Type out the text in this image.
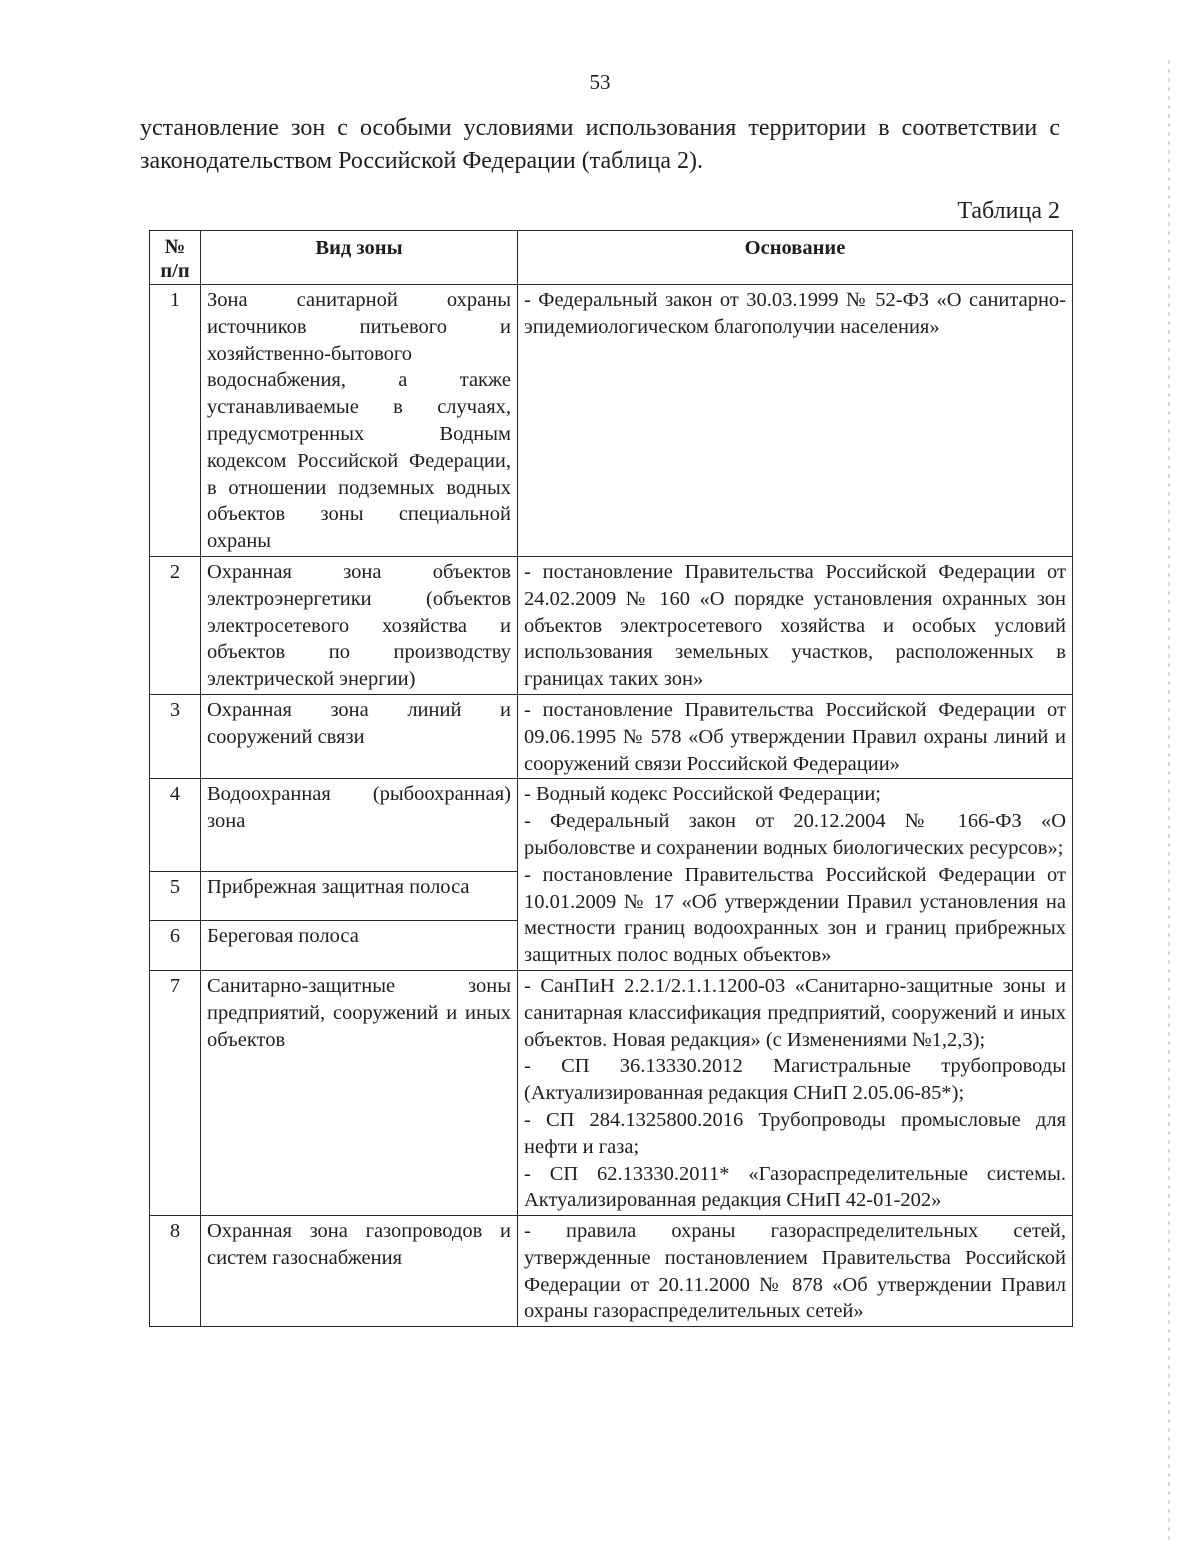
53
установление зон с особыми условиями использования территории в соответствии с законодательством Российской Федерации (таблица 2).
Таблица 2
№ п/п	Вид зоны	Основание
1	Зона санитарной охраны источников питьевого и хозяйственно-бытового водоснабжения, а также устанавливаемые в случаях, предусмотренных Водным кодексом Российской Федерации, в отношении подземных водных объектов зоны специальной охраны	- Федеральный закон от 30.03.1999 № 52-ФЗ «О санитарно-эпидемиологическом благополучии населения»

2	Охранная зона объектов электроэнергетики (объектов электросетевого хозяйства и объектов по производству электрической энергии)	- постановление Правительства Российской Федерации от 24.02.2009 № 160 «О порядке установления охранных зон объектов электросетевого хозяйства и особых условий использования земельных участков, расположенных в границах таких зон»

3	Охранная зона линий и сооружений связи	- постановление Правительства Российской Федерации от 09.06.1995 № 578 «Об утверждении Правил охраны линий и сооружений связи Российской Федерации»

4	Водоохранная (рыбоохранная) зона	- Водный кодекс Российской Федерации;
- Федеральный закон от 20.12.2004 № 166-ФЗ «О рыболовстве и сохранении водных биологических ресурсов»;
- постановление Правительства Российской Федерации от 10.01.2009 № 17 «Об утверждении Правил установления на местности границ водоохранных зон и границ прибрежных защитных полос водных объектов»

5	Прибрежная защитная полоса	
6	Береговая полоса	
7	Санитарно-защитные зоны предприятий, сооружений и иных объектов	- СанПиН 2.2.1/2.1.1.1200-03 «Санитарно-защитные зоны и санитарная классификация предприятий, сооружений и иных объектов. Новая редакция» (с Изменениями №1,2,3);
- СП 36.13330.2012 Магистральные трубопроводы (Актуализированная редакция СНиП 2.05.06-85*);
- СП 284.1325800.2016 Трубопроводы промысловые для нефти и газа;
- СП 62.13330.2011* «Газораспределительные системы. Актуализированная редакция СНиП 42-01-202»

8	Охранная зона газопроводов и систем газоснабжения	- правила охраны газораспределительных сетей, утвержденные постановлением Правительства Российской Федерации от 20.11.2000 № 878 «Об утверждении Правил охраны газораспределительных сетей»
